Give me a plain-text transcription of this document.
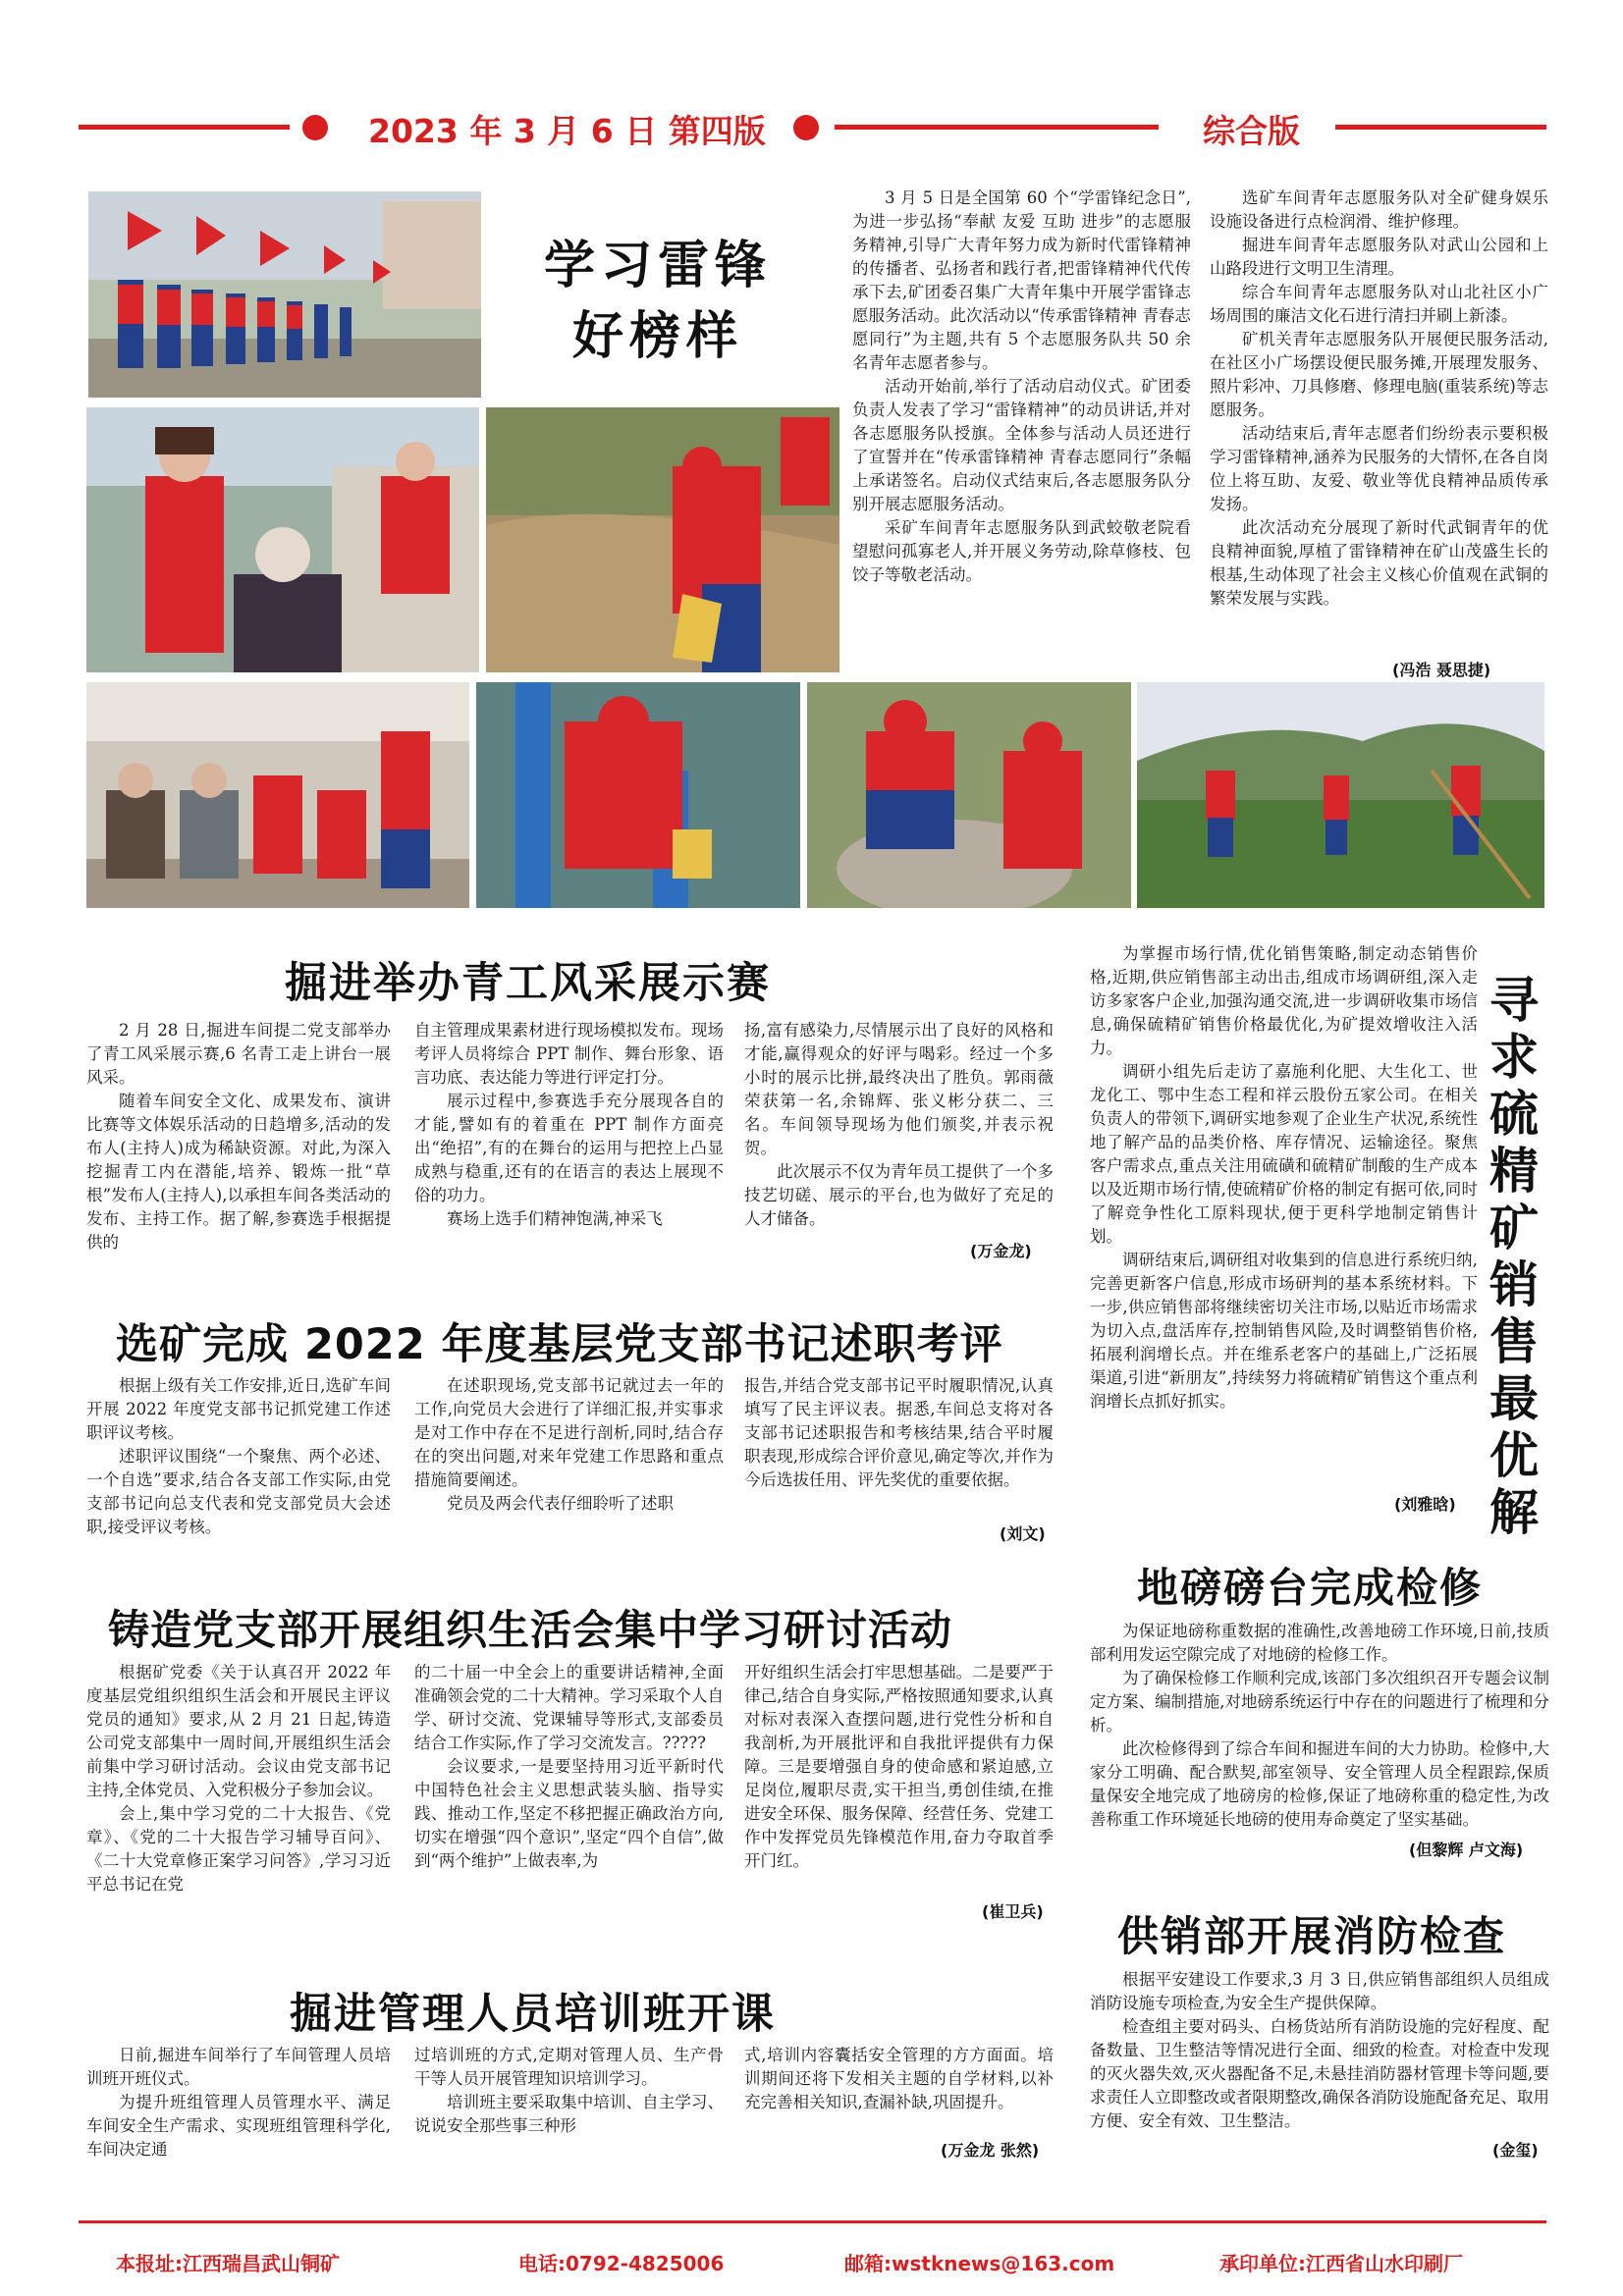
2023 年 3 月 6 日 第四版	综合版
学习雷锋
好榜样

3 月 5 日是全国第 60 个“学雷锋纪念日”,为进一步弘扬“奉献 友爱 互助 进步”的志愿服务精神,引导广大青年努力成为新时代雷锋精神的传播者、弘扬者和践行者,把雷锋精神代代传承下去,矿团委召集广大青年集中开展学雷锋志愿服务活动。此次活动以“传承雷锋精神 青春志愿同行”为主题,共有 5 个志愿服务队共 50 余名青年志愿者参与。

活动开始前,举行了活动启动仪式。矿团委负责人发表了学习“雷锋精神”的动员讲话,并对各志愿服务队授旗。全体参与活动人员还进行了宣誓并在“传承雷锋精神 青春志愿同行”条幅上承诺签名。启动仪式结束后,各志愿服务队分别开展志愿服务活动。

采矿车间青年志愿服务队到武蛟敬老院看望慰问孤寡老人,并开展义务劳动,除草修枝、包饺子等敬老活动。

选矿车间青年志愿服务队对全矿健身娱乐设施设备进行点检润滑、维护修理。

掘进车间青年志愿服务队对武山公园和上山路段进行文明卫生清理。

综合车间青年志愿服务队对山北社区小广场周围的廉洁文化石进行清扫并刷上新漆。

矿机关青年志愿服务队开展便民服务活动,在社区小广场摆设便民服务摊,开展理发服务、照片彩冲、刀具修磨、修理电脑(重装系统)等志愿服务。

活动结束后,青年志愿者们纷纷表示要积极学习雷锋精神,涵养为民服务的大情怀,在各自岗位上将互助、友爱、敬业等优良精神品质传承发扬。

此次活动充分展现了新时代武铜青年的优良精神面貌,厚植了雷锋精神在矿山茂盛生长的根基,生动体现了社会主义核心价值观在武铜的繁荣发展与实践。

(冯浩 聂思捷)
掘进举办青工风采展示赛

2 月 28 日,掘进车间提二党支部举办了青工风采展示赛,6 名青工走上讲台一展风采。

随着车间安全文化、成果发布、演讲比赛等文体娱乐活动的日趋增多,活动的发布人(主持人)成为稀缺资源。对此,为深入挖掘青工内在潜能,培养、锻炼一批“草根”发布人(主持人),以承担车间各类活动的发布、主持工作。据了解,参赛选手根据提供的

自主管理成果素材进行现场模拟发布。现场考评人员将综合 PPT 制作、舞台形象、语言功底、表达能力等进行评定打分。

展示过程中,参赛选手充分展现各自的才能,譬如有的着重在 PPT 制作方面亮出“绝招”,有的在舞台的运用与把控上凸显成熟与稳重,还有的在语言的表达上展现不俗的功力。

赛场上选手们精神饱满,神采飞

扬,富有感染力,尽情展示出了良好的风格和才能,赢得观众的好评与喝彩。经过一个多小时的展示比拼,最终决出了胜负。郭雨薇荣获第一名,余锦辉、张义彬分获二、三名。车间领导现场为他们颁奖,并表示祝贺。

此次展示不仅为青年员工提供了一个多技艺切磋、展示的平台,也为做好了充足的人才储备。

(万金龙)
选矿完成 2022 年度基层党支部书记述职考评

根据上级有关工作安排,近日,选矿车间开展 2022 年度党支部书记抓党建工作述职评议考核。

述职评议围绕“一个聚焦、两个必述、一个自选”要求,结合各支部工作实际,由党支部书记向总支代表和党支部党员大会述职,接受评议考核。

在述职现场,党支部书记就过去一年的工作,向党员大会进行了详细汇报,并实事求是对工作中存在不足进行剖析,同时,结合存在的突出问题,对来年党建工作思路和重点措施简要阐述。

党员及两会代表仔细聆听了述职

报告,并结合党支部书记平时履职情况,认真填写了民主评议表。据悉,车间总支将对各支部书记述职报告和考核结果,结合平时履职表现,形成综合评价意见,确定等次,并作为今后选拔任用、评先奖优的重要依据。

(刘文)
铸造党支部开展组织生活会集中学习研讨活动

根据矿党委《关于认真召开 2022 年度基层党组织组织生活会和开展民主评议党员的通知》要求,从 2 月 21 日起,铸造公司党支部集中一周时间,开展组织生活会前集中学习研讨活动。会议由党支部书记主持,全体党员、入党积极分子参加会议。

会上,集中学习党的二十大报告、《党章》、《党的二十大报告学习辅导百问》、《二十大党章修正案学习问答》,学习习近平总书记在党

的二十届一中全会上的重要讲话精神,全面准确领会党的二十大精神。学习采取个人自学、研讨交流、党课辅导等形式,支部委员结合工作实际,作了学习交流发言。?????

会议要求,一是要坚持用习近平新时代中国特色社会主义思想武装头脑、指导实践、推动工作,坚定不移把握正确政治方向,切实在增强“四个意识”,坚定“四个自信”,做到“两个维护”上做表率,为

开好组织生活会打牢思想基础。二是要严于律己,结合自身实际,严格按照通知要求,认真对标对表深入查摆问题,进行党性分析和自我剖析,为开展批评和自我批评提供有力保障。三是要增强自身的使命感和紧迫感,立足岗位,履职尽责,实干担当,勇创佳绩,在推进安全环保、服务保障、经营任务、党建工作中发挥党员先锋模范作用,奋力夺取首季开门红。

(崔卫兵)
掘进管理人员培训班开课

日前,掘进车间举行了车间管理人员培训班开班仪式。

为提升班组管理人员管理水平、满足车间安全生产需求、实现班组管理科学化,车间决定通

过培训班的方式,定期对管理人员、生产骨干等人员开展管理知识培训学习。

培训班主要采取集中培训、自主学习、说说安全那些事三种形

式,培训内容囊括安全管理的方方面面。培训期间还将下发相关主题的自学材料,以补充完善相关知识,查漏补缺,巩固提升。

(万金龙 张然)

为掌握市场行情,优化销售策略,制定动态销售价格,近期,供应销售部主动出击,组成市场调研组,深入走访多家客户企业,加强沟通交流,进一步调研收集市场信息,确保硫精矿销售价格最优化,为矿提效增收注入活力。

调研小组先后走访了嘉施利化肥、大生化工、世龙化工、鄂中生态工程和祥云股份五家公司。在相关负责人的带领下,调研实地参观了企业生产状况,系统性地了解产品的品类价格、库存情况、运输途径。聚焦客户需求点,重点关注用硫磺和硫精矿制酸的生产成本以及近期市场行情,使硫精矿价格的制定有据可依,同时了解竞争性化工原料现状,便于更科学地制定销售计划。

调研结束后,调研组对收集到的信息进行系统归纳,完善更新客户信息,形成市场研判的基本系统材料。下一步,供应销售部将继续密切关注市场,以贴近市场需求为切入点,盘活库存,控制销售风险,及时调整销售价格,拓展利润增长点。并在维系老客户的基础上,广泛拓展渠道,引进“新朋友”,持续努力将硫精矿销售这个重点利润增长点抓好抓实。

寻求硫精矿销售最优解
(刘雅晗)
地磅磅台完成检修

为保证地磅称重数据的准确性,改善地磅工作环境,日前,技质部利用发运空隙完成了对地磅的检修工作。

为了确保检修工作顺利完成,该部门多次组织召开专题会议制定方案、编制措施,对地磅系统运行中存在的问题进行了梳理和分析。

此次检修得到了综合车间和掘进车间的大力协助。检修中,大家分工明确、配合默契,部室领导、安全管理人员全程跟踪,保质量保安全地完成了地磅房的检修,保证了地磅称重的稳定性,为改善称重工作环境延长地磅的使用寿命奠定了坚实基础。

(但黎辉 卢文海)
供销部开展消防检查

根据平安建设工作要求,3 月 3 日,供应销售部组织人员组成消防设施专项检查,为安全生产提供保障。

检查组主要对码头、白杨货站所有消防设施的完好程度、配备数量、卫生整洁等情况进行全面、细致的检查。对检查中发现的灭火器失效,灭火器配备不足,未悬挂消防器材管理卡等问题,要求责任人立即整改或者限期整改,确保各消防设施配备充足、取用方便、安全有效、卫生整洁。

(金玺)
本报址:江西瑞昌武山铜矿	电话:0792-4825006	邮箱:wstknews@163.com	承印单位:江西省山水印刷厂
